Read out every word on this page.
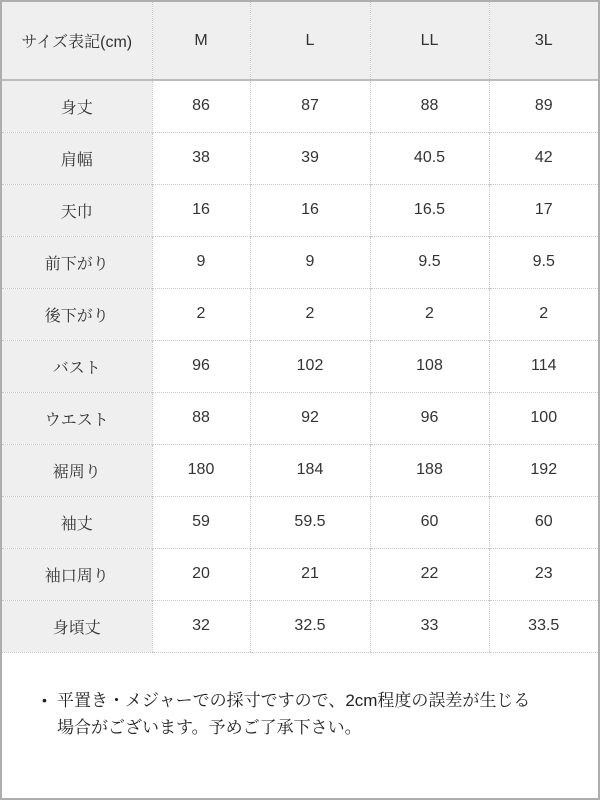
サイズ表記(cm)	M	L	LL	3L
身丈	86	87	88	89
肩幅	38	39	40.5	42
天巾	16	16	16.5	17
前下がり	9	9	9.5	9.5
後下がり	2	2	2	2
バスト	96	102	108	114
ウエスト	88	92	96	100
裾周り	180	184	188	192
袖丈	59	59.5	60	60
袖口周り	20	21	22	23
身頃丈	32	32.5	33	33.5
• 平置き・メジャーでの採寸ですので、2cm程度の誤差が生じる
場合がございます。予めご了承下さい。
